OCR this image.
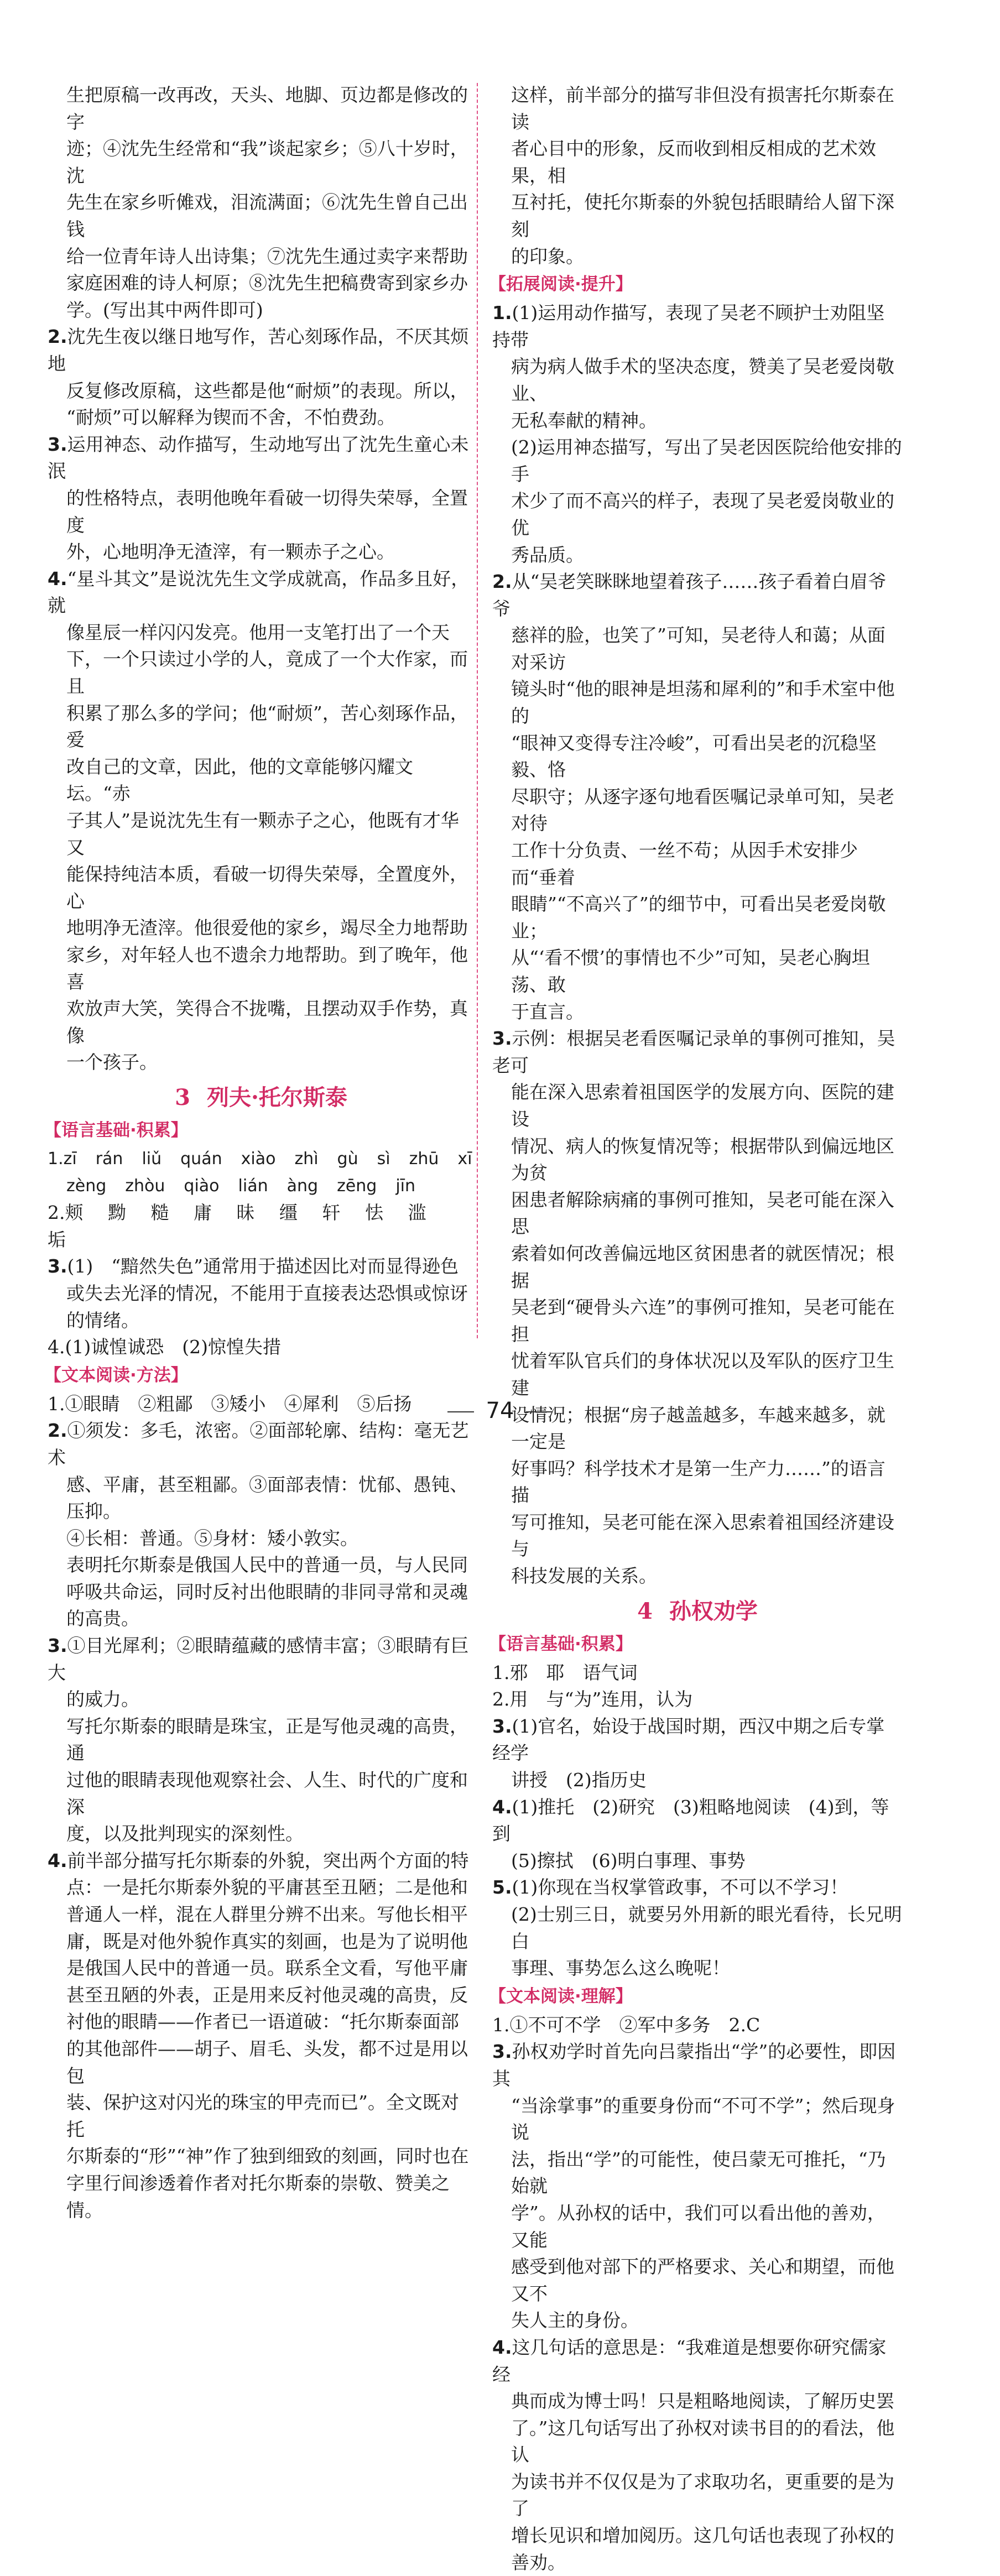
生把原稿一改再改，天头、地脚、页边都是修改的字

迹；④沈先生经常和“我”谈起家乡；⑤八十岁时，沈

先生在家乡听傩戏，泪流满面；⑥沈先生曾自己出钱

给一位青年诗人出诗集；⑦沈先生通过卖字来帮助

家庭困难的诗人柯原；⑧沈先生把稿费寄到家乡办

学。(写出其中两件即可)

2.沈先生夜以继日地写作，苦心刻琢作品，不厌其烦地

反复修改原稿，这些都是他“耐烦”的表现。所以，

“耐烦”可以解释为锲而不舍，不怕费劲。

3.运用神态、动作描写，生动地写出了沈先生童心未泯

的性格特点，表明他晚年看破一切得失荣辱，全置度

外，心地明净无渣滓，有一颗赤子之心。

4.“星斗其文”是说沈先生文学成就高，作品多且好，就

像星辰一样闪闪发亮。他用一支笔打出了一个天

下，一个只读过小学的人，竟成了一个大作家，而且

积累了那么多的学问；他“耐烦”，苦心刻琢作品，爱

改自己的文章，因此，他的文章能够闪耀文坛。“赤

子其人”是说沈先生有一颗赤子之心，他既有才华又

能保持纯洁本质，看破一切得失荣辱，全置度外，心

地明净无渣滓。他很爱他的家乡，竭尽全力地帮助

家乡，对年轻人也不遗余力地帮助。到了晚年，他喜

欢放声大笑，笑得合不拢嘴，且摆动双手作势，真像

一个孩子。

3 列夫·托尔斯泰
【语言基础·积累】
1.zī rán liǔ quán xiào zhì gù sì zhū xī
zèng zhòu qiào lián àng zēng jīn

2.颊 黝 糙 庸 昧 缰 轩 怯 滥 垢

3.(1)　“黯然失色”通常用于描述因比对而显得逊色

或失去光泽的情况，不能用于直接表达恐惧或惊讶

的情绪。

4.(1)诚惶诚恐　(2)惊惶失措

【文本阅读·方法】

1.①眼睛　②粗鄙　③矮小　④犀利　⑤后扬

2.①须发：多毛，浓密。②面部轮廓、结构：毫无艺术

感、平庸，甚至粗鄙。③面部表情：忧郁、愚钝、压抑。

④长相：普通。⑤身材：矮小敦实。

表明托尔斯泰是俄国人民中的普通一员，与人民同

呼吸共命运，同时反衬出他眼睛的非同寻常和灵魂

的高贵。

3.①目光犀利；②眼睛蕴藏的感情丰富；③眼睛有巨大

的威力。

写托尔斯泰的眼睛是珠宝，正是写他灵魂的高贵，通

过他的眼睛表现他观察社会、人生、时代的广度和深

度，以及批判现实的深刻性。

4.前半部分描写托尔斯泰的外貌，突出两个方面的特

点：一是托尔斯泰外貌的平庸甚至丑陋；二是他和

普通人一样，混在人群里分辨不出来。写他长相平

庸，既是对他外貌作真实的刻画，也是为了说明他

是俄国人民中的普通一员。联系全文看，写他平庸

甚至丑陋的外表，正是用来反衬他灵魂的高贵，反

衬他的眼睛——作者已一语道破：“托尔斯泰面部

的其他部件——胡子、眉毛、头发，都不过是用以包

装、保护这对闪光的珠宝的甲壳而已”。全文既对托

尔斯泰的“形”“神”作了独到细致的刻画，同时也在

字里行间渗透着作者对托尔斯泰的崇敬、赞美之情。

这样，前半部分的描写非但没有损害托尔斯泰在读

者心目中的形象，反而收到相反相成的艺术效果，相

互衬托，使托尔斯泰的外貌包括眼睛给人留下深刻

的印象。

【拓展阅读·提升】

1.(1)运用动作描写，表现了吴老不顾护士劝阻坚持带

病为病人做手术的坚决态度，赞美了吴老爱岗敬业、

无私奉献的精神。

(2)运用神态描写，写出了吴老因医院给他安排的手

术少了而不高兴的样子，表现了吴老爱岗敬业的优

秀品质。

2.从“吴老笑眯眯地望着孩子……孩子看着白眉爷爷

慈祥的脸，也笑了”可知，吴老待人和蔼；从面对采访

镜头时“他的眼神是坦荡和犀利的”和手术室中他的

“眼神又变得专注冷峻”，可看出吴老的沉稳坚毅、恪

尽职守；从逐字逐句地看医嘱记录单可知，吴老对待

工作十分负责、一丝不苟；从因手术安排少而“垂着

眼睛”“不高兴了”的细节中，可看出吴老爱岗敬业；

从“‘看不惯’的事情也不少”可知，吴老心胸坦荡、敢

于直言。

3.示例：根据吴老看医嘱记录单的事例可推知，吴老可

能在深入思索着祖国医学的发展方向、医院的建设

情况、病人的恢复情况等；根据带队到偏远地区为贫

困患者解除病痛的事例可推知，吴老可能在深入思

索着如何改善偏远地区贫困患者的就医情况；根据

吴老到“硬骨头六连”的事例可推知，吴老可能在担

忧着军队官兵们的身体状况以及军队的医疗卫生建

设情况；根据“房子越盖越多，车越来越多，就一定是

好事吗？科学技术才是第一生产力……”的语言描

写可推知，吴老可能在深入思索着祖国经济建设与

科技发展的关系。

4 孙权劝学
【语言基础·积累】

1.邪　耶　语气词

2.用　与“为”连用，认为

3.(1)官名，始设于战国时期，西汉中期之后专掌经学

讲授　(2)指历史

4.(1)推托　(2)研究　(3)粗略地阅读　(4)到，等到

(5)擦拭　(6)明白事理、事势

5.(1)你现在当权掌管政事，不可以不学习！

(2)士别三日，就要另外用新的眼光看待，长兄明白

事理、事势怎么这么晚呢！

【文本阅读·理解】

1.①不可不学　②军中多务　2.C

3.孙权劝学时首先向吕蒙指出“学”的必要性，即因其

“当涂掌事”的重要身份而“不可不学”；然后现身说

法，指出“学”的可能性，使吕蒙无可推托，“乃始就

学”。从孙权的话中，我们可以看出他的善劝，又能

感受到他对部下的严格要求、关心和期望，而他又不

失人主的身份。

4.这几句话的意思是：“我难道是想要你研究儒家经

典而成为博士吗！只是粗略地阅读，了解历史罢

了。”这几句话写出了孙权对读书目的的看法，他认

为读书并不仅仅是为了求取功名，更重要的是为了

增长见识和增加阅历。这几句话也表现了孙权的

善劝。

74
